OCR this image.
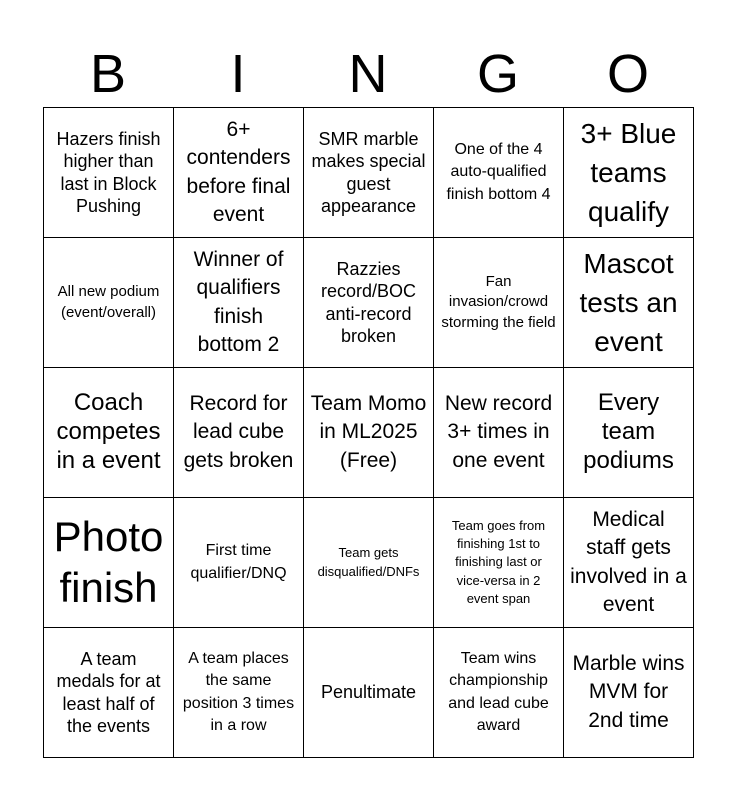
B	I	N	G	O
Hazers finish higher than last in Block Pushing
6+ contenders before final event
SMR marble makes special guest appearance
One of the 4 auto-qualified finish bottom 4
3+ Blue teams qualify
All new podium (event/overall)
Winner of qualifiers finish bottom 2
Razzies record/BOC anti-record broken
Fan invasion/crowd storming the field
Mascot tests an event
Coach competes in a event
Record for lead cube gets broken
Team Momo in ML2025 (Free)
New record 3+ times in one event
Every team podiums
Photo finish
First time qualifier/DNQ
Team gets disqualified/DNFs
Team goes from finishing 1st to finishing last or vice-versa in 2 event span
Medical staff gets involved in a event
A team medals for at least half of the events
A team places the same position 3 times in a row
Penultimate
Team wins championship and lead cube award
Marble wins MVM for 2nd time
